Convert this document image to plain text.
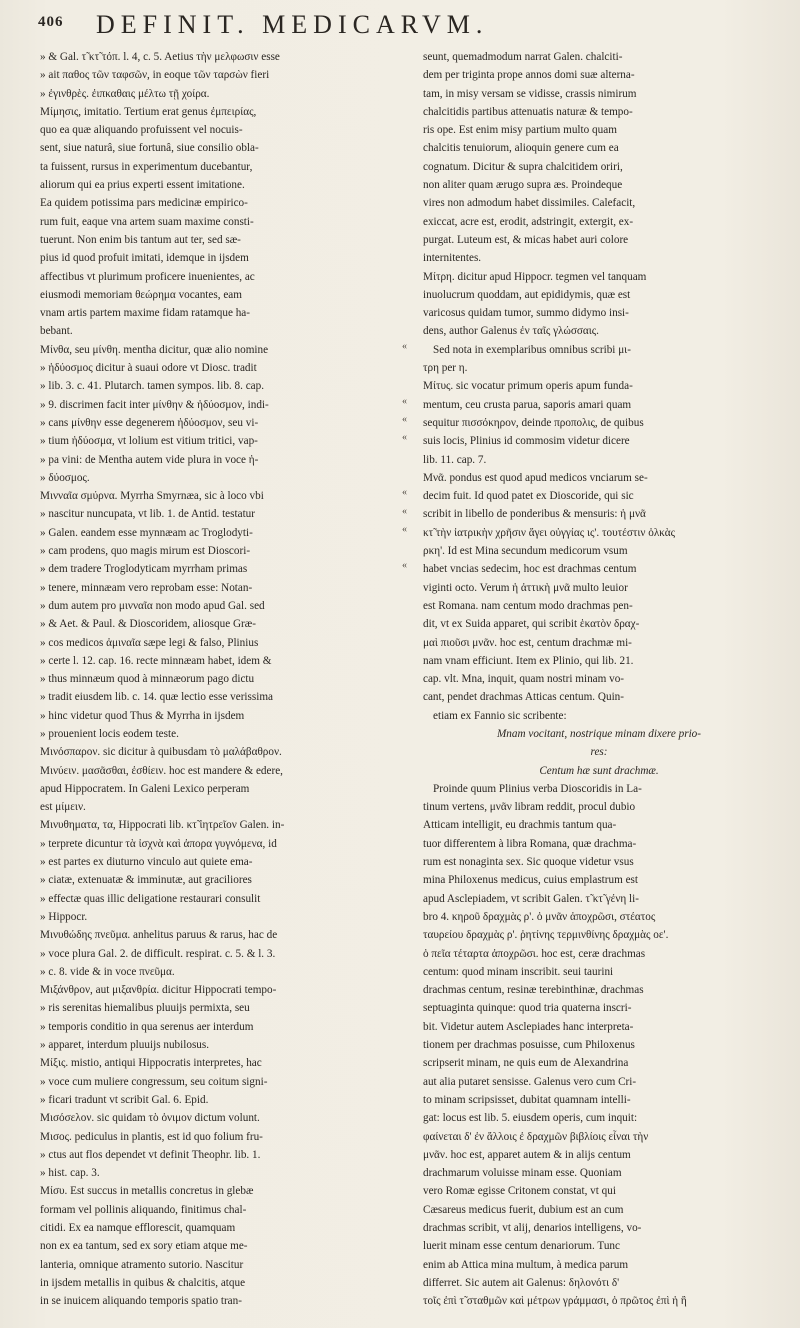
406 DEFINIT. MEDICARVM.
» & Gal. τ̃ κτ̃ τόπ. l. 4, c. 5. Aetius τὴν μελφωσιν esse
» ait παθος τῶν ταφσῶν, in eoque τῶν ταρσὼν fieri
» ἐγινθρὲς. ἐιπκαθαις μέλτω τῇ χοίρα.
Μίμησις, imitatio. Tertium erat genus ἐμπειρίας,
quo ea quæ aliquando profuissent vel nocuis-
sent, siue naturâ, siue fortunâ, siue consilio obla-
ta fuissent, rursus in experimentum ducebantur,
aliorum qui ea prius experti essent imitatione.
Ea quidem potissima pars medicinæ empirico-
rum fuit, eaque vna artem suam maxime consti-
tuerunt. Non enim bis tantum aut ter, sed sæ-
pius id quod profuit imitati, idemque in ijsdem
affectibus vt plurimum proficere inuenientes, ac
eiusmodi memoriam θεώρημα vocantes, eam
vnam artis partem maxime fidam ratamque ha-
bebant.
Μίνθα, seu μίνθη. mentha dicitur, quæ alio nomine
» ἡδύοσμος dicitur à suaui odore vt Diosc. tradit
» lib. 3. c. 41. Plutarch. tamen sympos. lib. 8. cap.
» 9. discrimen facit inter μίνθην & ἡδύοσμον, indi-
» cans μίνθην esse degenerem ἡδύοσμον, seu vi-
» tium ἡδύοσμα, vt lolium est vitium tritici, vap-
» pa vini: de Mentha autem vide plura in voce ἡ-
» δύοσμος.
Μινναῖα σμύρνα. Myrrha Smyrnæa, sic à loco vbi
» nascitur nuncupata, vt lib. 1. de Antid. testatur
» Galen. eandem esse mynnæam ac Troglodyti-
» cam prodens, quo magis mirum est Dioscori-
» dem tradere Troglodyticam myrrham primas
» tenere, minnæam vero reprobam esse: Notan-
» dum autem pro μινναῖα non modo apud Gal. sed
» & Aet. & Paul. & Dioscoridem, aliosque Græ-
» cos medicos ἀμιναῖα sæpe legi & falso, Plinius
» certe l. 12. cap. 16. recte minnæam habet, idem &
» thus minnæum quod à minnæorum pago dictu
» tradit eiusdem lib. c. 14. quæ lectio esse verissima
» hinc videtur quod Thus & Myrrha in ijsdem
» prouenient locis eodem teste.
Μινόσπαρον. sic dicitur à quibusdam τὸ μαλάβαθρον.
Μινύειν. μασᾶσθαι, ἐσθίειν. hoc est mandere & edere,
apud Hippocratem. In Galeni Lexico perperam
est μίμειν.
Μινυθηματα, τα, Hippocrati lib. κτ̃ ἰητρεῖον Galen. in-
» terprete dicuntur τὰ ἰσχνὰ καὶ ἀπορα γυγνόμενα, id
» est partes ex diuturno vinculo aut quiete ema-
» ciatæ, extenuatæ & imminutæ, aut graciliores
» effectæ quas illic deligatione restaurari consulit
» Hippocr.
Μινυθώδης πνεῦμα. anhelitus paruus & rarus, hac de
» voce plura Gal. 2. de difficult. respirat. c. 5. & l. 3.
» c. 8. vide & in voce πνεῦμα.
Μιξάνθρον, aut μιξανθρία. dicitur Hippocrati tempo-
» ris serenitas hiemalibus pluuijs permixta, seu
» temporis conditio in qua serenus aer interdum
» apparet, interdum pluuijs nubilosus.
Μίξις. mistio, antiqui Hippocratis interpretes, hac
» voce cum muliere congressum, seu coitum signi-
» ficari tradunt vt scribit Gal. 6. Epid.
Μισόσελον. sic quidam τὸ ὀνιμον dictum volunt.
Μισος. pediculus in plantis, est id quo folium fru-
» ctus aut flos dependet vt definit Theophr. lib. 1.
» hist. cap. 3.
Μίσυ. Est succus in metallis concretus in glebæ
formam vel pollinis aliquando, finitimus chal-
citidi. Ex ea namque efflorescit, quamquam
non ex ea tantum, sed ex sory etiam atque me-
lanteria, omnique atramento sutorio. Nascitur
in ijsdem metallis in quibus & chalcitis, atque
in se inuicem aliquando temporis spatio tran-
«
«
«
«
«
«
«
«
seunt, quemadmodum narrat Galen. chalciti-
dem per triginta prope annos domi suæ alterna-
tam, in misy versam se vidisse, crassis nimirum
chalcitidis partibus attenuatis naturæ & tempo-
ris ope. Est enim misy partium multo quam
chalcitis tenuiorum, alioquin genere cum ea
cognatum. Dicitur & supra chalcitidem oriri,
non aliter quam ærugo supra æs. Proindeque
vires non admodum habet dissimiles. Calefacit,
exiccat, acre est, erodit, adstringit, extergit, ex-
purgat. Luteum est, & micas habet auri colore
internitentes.
Μίτρη. dicitur apud Hippocr. tegmen vel tanquam
inuolucrum quoddam, aut epididymis, quæ est
varicosus quidam tumor, summo didymo insi-
dens, author Galenus ἐν ταῖς γλώσσαις.
Sed nota in exemplaribus omnibus scribi μι-
τρη per η.
Μίτυς. sic vocatur primum operis apum funda-
mentum, ceu crusta parua, saporis amari quam
sequitur πισσόκηρον, deinde προπολις, de quibus
suis locis, Plinius id commosim videtur dicere
lib. 11. cap. 7.
Μνᾶ. pondus est quod apud medicos vnciarum se-
decim fuit. Id quod patet ex Dioscoride, qui sic
scribit in libello de ponderibus & mensuris: ἡ μνᾶ
κτ̃ τὴν ἰατρικὴν χρῆσιν ἄγει οὐγγίας ις'. τουτέστιν ὁλκὰς
ρκη'. Id est Mina secundum medicorum vsum
habet vncias sedecim, hoc est drachmas centum
viginti octo. Verum ἡ ἀττικὴ μνᾶ multo leuior
est Romana. nam centum modo drachmas pen-
dit, vt ex Suida apparet, qui scribit ἑκατὸν δραχ-
μαὶ πιοῦσι μνᾶν. hoc est, centum drachmæ mi-
nam vnam efficiunt. Item ex Plinio, qui lib. 21.
cap. vlt. Mna, inquit, quam nostri minam vo-
cant, pendet drachmas Atticas centum. Quin-
etiam ex Fannio sic scribente:
Mnam vocitant, nostrique minam dixere prio-
res:
Centum hæ sunt drachmæ.
Proinde quum Plinius verba Dioscoridis in La-
tinum vertens, μνᾶν libram reddit, procul dubio
Atticam intelligit, eu drachmis tantum qua-
tuor differentem à libra Romana, quæ drachma-
rum est nonaginta sex. Sic quoque videtur vsus
mina Philoxenus medicus, cuius emplastrum est
apud Asclepiadem, vt scribit Galen. τ̃ κτ̃ γένη li-
bro 4. κηροῦ δραχμὰς ρ'. ὁ μνᾶν ἀποχρῶσι, στέατος
ταυρείου δραχμὰς ρ'. ῥητίνης τερμινθίνης δραχμὰς οε'.
ὁ πεῖα τέταρτα ἀποχρῶσι. hoc est, ceræ drachmas
centum: quod minam inscribit. seui taurini
drachmas centum, resinæ terebinthinæ, drachmas
septuaginta quinque: quod tria quaterna inscri-
bit. Videtur autem Asclepiades hanc interpreta-
tionem per drachmas posuisse, cum Philoxenus
scripserit minam, ne quis eum de Alexandrina
aut alia putaret sensisse. Galenus vero cum Cri-
to minam scripsisset, dubitat quamnam intelli-
gat: locus est lib. 5. eiusdem operis, cum inquit:
φαίνεται δ' ἐν ἄλλοις ἐ δραχμῶν βιβλίοις εἶναι τὴν
μνᾶν. hoc est, apparet autem & in alijs centum
drachmarum voluisse minam esse. Quoniam
vero Romæ egisse Critonem constat, vt qui
Cæsareus medicus fuerit, dubium est an cum
drachmas scribit, vt alij, denarios intelligens, vo-
luerit minam esse centum denariorum. Tunc
enim ab Attica mina multum, à medica parum
differret. Sic autem ait Galenus: δηλονότι δ'
τοῖς ἐπὶ τ̃ σταθμῶν καὶ μέτρων γράμμασι, ὁ πρῶτος ἐπὶ ἡ ἢ
